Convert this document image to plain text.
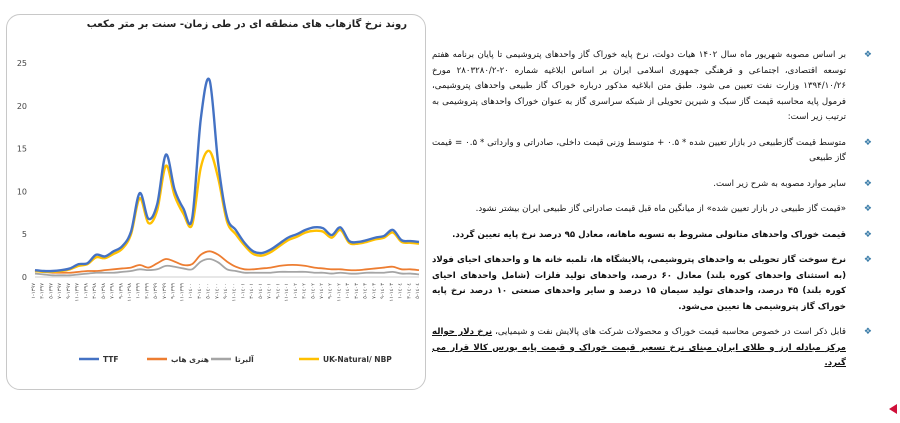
روند نرخ گازهاب های منطقه ای در طی زمان- سنت بر متر مکعب

0
5
10
15
20
25
١٣٩٧-١
١٣٩٧-٣
١٣٩٧-٥
١٣٩٧-٧
١٣٩٧-٩
١٣٩٧-١١
١٣٩٨-١
١٣٩٨-٣
١٣٩٨-٥
١٣٩٨-٧
١٣٩٨-٩
١٣٩٨-١١
١٣٩٩-١
١٣٩٩-٣
١٣٩٩-٥
١٣٩٩-٧
١٣٩٩-٩
١٣٩٩-١١
١٤٠٠-١
١٤٠٠-٣
١٤٠٠-٥
١٤٠٠-٧
١٤٠٠-٩
١٤٠٠-١١
١٤٠١-١
١٤٠١-٣
١٤٠١-٥
١٤٠١-٧
١٤٠١-٩
١٤٠١-١١
١٤٠٢-١
١٤٠٢-٣
١٤٠٢-٥
١٤٠٢-٧
١٤٠٢-٩
١٤٠٢-١١
١٤٠٣-١
١٤٠٣-٣
١٤٠٣-٥
١٤٠٣-٧
١٤٠٣-٩
١٤٠٣-١١
١٤٠٤-١
١٤٠٤-٣
١٤٠٤-٥
TTF	هنری هاب	آلبرتا	UK-Natural/ NBP

❖
بر اساس مصوبه شهریور ماه سال ۱۴۰۲ هیات دولت، نرخ پایه خوراک گاز واحدهای پتروشیمی تا پایان برنامه هفتم توسعه اقتصادی، اجتماعی و فرهنگی جمهوری اسلامی ایران بر اساس ابلاغیه شماره ۲۰-۲۸۰۳۲۸۰/۲ مورخ ۱۳۹۴/۱۰/۲۶ وزارت نفت تعیین می شود. طبق متن ابلاغیه مذکور درباره خوراک گاز طبیعی واحدهای پتروشیمی، فرمول پایه محاسبه قیمت گاز سبک و شیرین تحویلی از شبکه سراسری گاز به عنوان خوراک واحدهای پتروشیمی به ترتیب زیر است:

❖
متوسط قیمت گازطبیعی در بازار تعیین شده * ۰.۵ + متوسط وزنی قیمت داخلی، صادراتی و وارداتی * ۰.۵ = قیمت گاز طبیعی

❖
سایر موارد مصوبه به شرح زیر است.

❖
«قیمت گاز طبیعی در بازار تعیین شده» از میانگین ماه قبل قیمت صادراتی گاز طبیعی ایران بیشتر نشود.

❖
قیمت خوراک واحدهای متانولی مشروط به تسویه ماهانه، معادل ۹۵ درصد نرخ پایه تعیین گردد.

❖
نرخ سوخت گاز تحویلی به واحدهای پتروشیمی، پالایشگاه ها، تلمبه خانه ها و واحدهای احیای فولاد (به استثنای واحدهای کوره بلند) معادل ۶۰ درصد، واحدهای تولید فلزات (شامل واحدهای احیای کوره بلند) ۴۵ درصد، واحدهای تولید سیمان ۱۵ درصد و سایر واحدهای صنعتی ۱۰ درصد نرخ پایه خوراک گاز پتروشیمی ها تعیین می‌شود.

❖
قابل ذکر است در خصوص محاسبه قیمت خوراک و محصولات شرکت های پالایش نفت و شیمیایی، نرخ دلار حواله مرکز مبادله ارز و طلای ایران مبنای نرخ تسعیر قیمت خوراک و قیمت پایه بورس کالا قرار می گیرد.
